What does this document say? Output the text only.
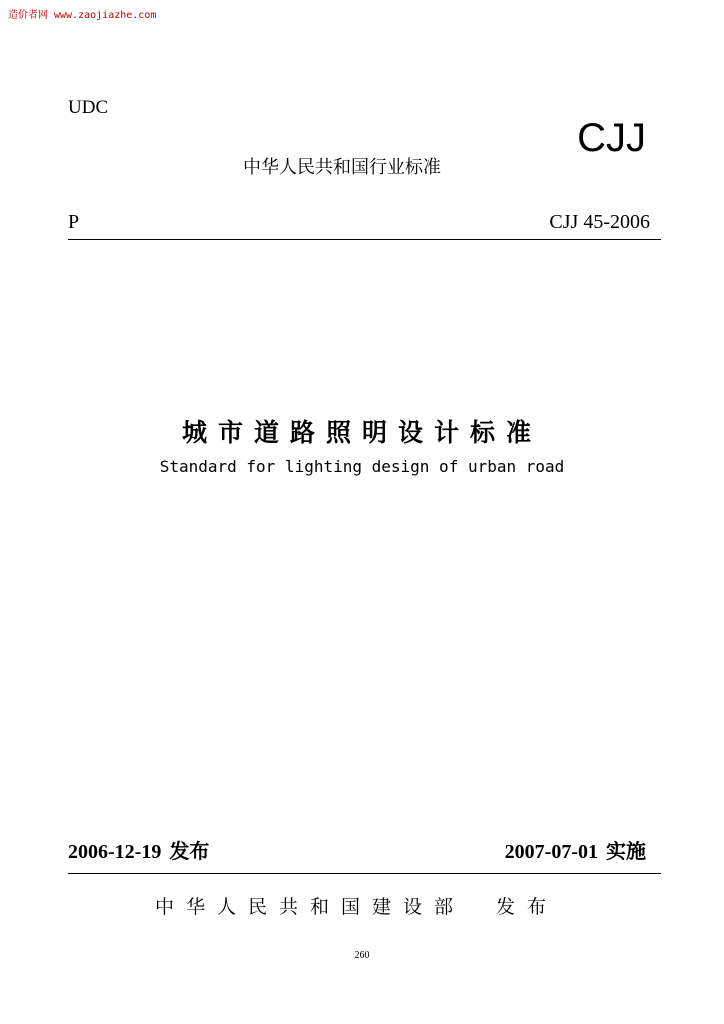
造价者网 www.zaojiazhe.com
UDC
CJJ
中华人民共和国行业标准
P	CJJ 45-2006
城市道路照明设计标准
Standard for lighting design of urban road
2006-12-19 发布	2007-07-01 实施
中华人民共和国建设部　发布
260
